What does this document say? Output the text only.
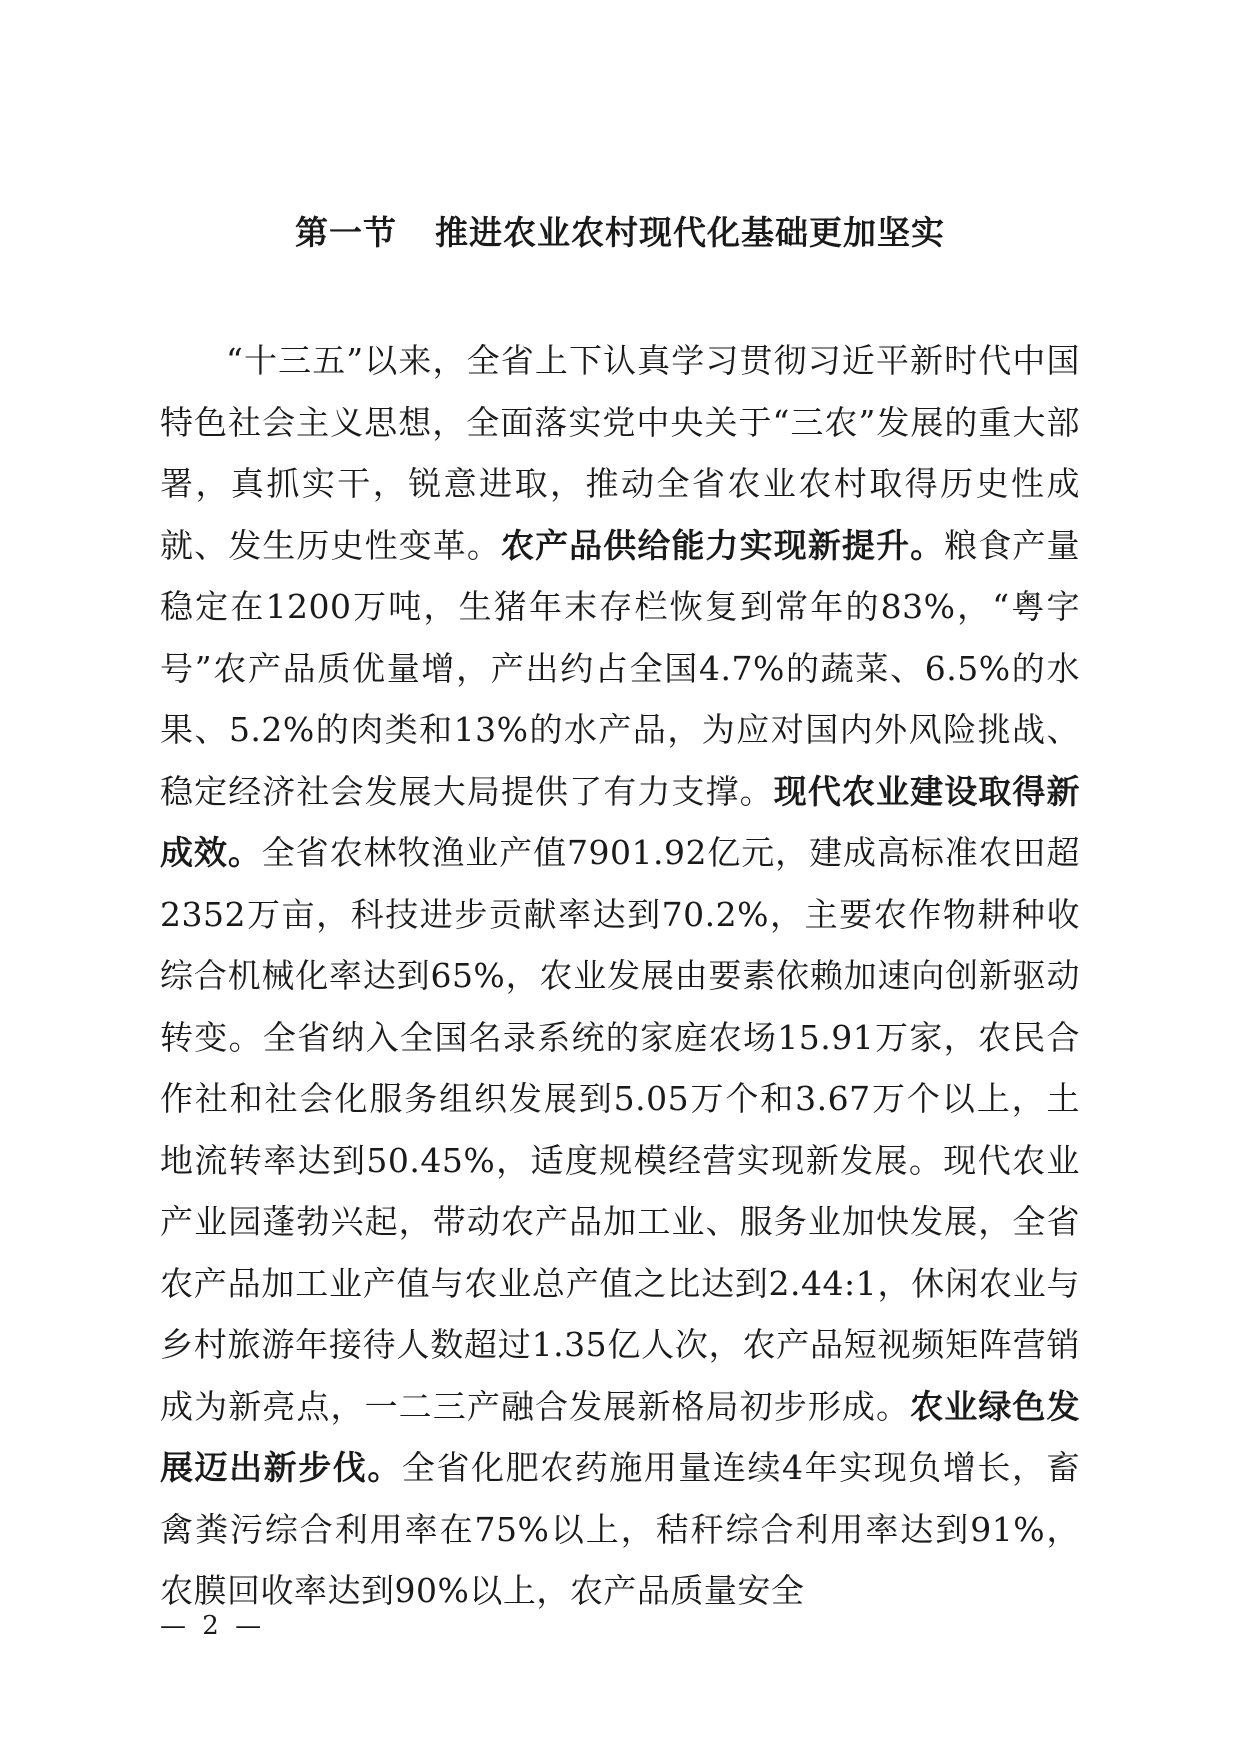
第一节 推进农业农村现代化基础更加坚实

“十三五”以来，全省上下认真学习贯彻习近平新时代中国特色社会主义思想，全面落实党中央关于“三农”发展的重大部署，真抓实干，锐意进取，推动全省农业农村取得历史性成就、发生历史性变革。农产品供给能力实现新提升。粮食产量稳定在1200万吨，生猪年末存栏恢复到常年的83%，“粤字号”农产品质优量增，产出约占全国4.7%的蔬菜、6.5%的水果、5.2%的肉类和13%的水产品，为应对国内外风险挑战、稳定经济社会发展大局提供了有力支撑。现代农业建设取得新成效。全省农林牧渔业产值7901.92亿元，建成高标准农田超2352万亩，科技进步贡献率达到70.2%，主要农作物耕种收综合机械化率达到65%，农业发展由要素依赖加速向创新驱动转变。全省纳入全国名录系统的家庭农场15.91万家，农民合作社和社会化服务组织发展到5.05万个和3.67万个以上，土地流转率达到50.45%，适度规模经营实现新发展。现代农业产业园蓬勃兴起，带动农产品加工业、服务业加快发展，全省农产品加工业产值与农业总产值之比达到2.44:1，休闲农业与乡村旅游年接待人数超过1.35亿人次，农产品短视频矩阵营销成为新亮点，一二三产融合发展新格局初步形成。农业绿色发展迈出新步伐。全省化肥农药施用量连续4年实现负增长，畜禽粪污综合利用率在75%以上，秸秆综合利用率达到91%，农膜回收率达到90%以上，农产品质量安全

— 2 —
